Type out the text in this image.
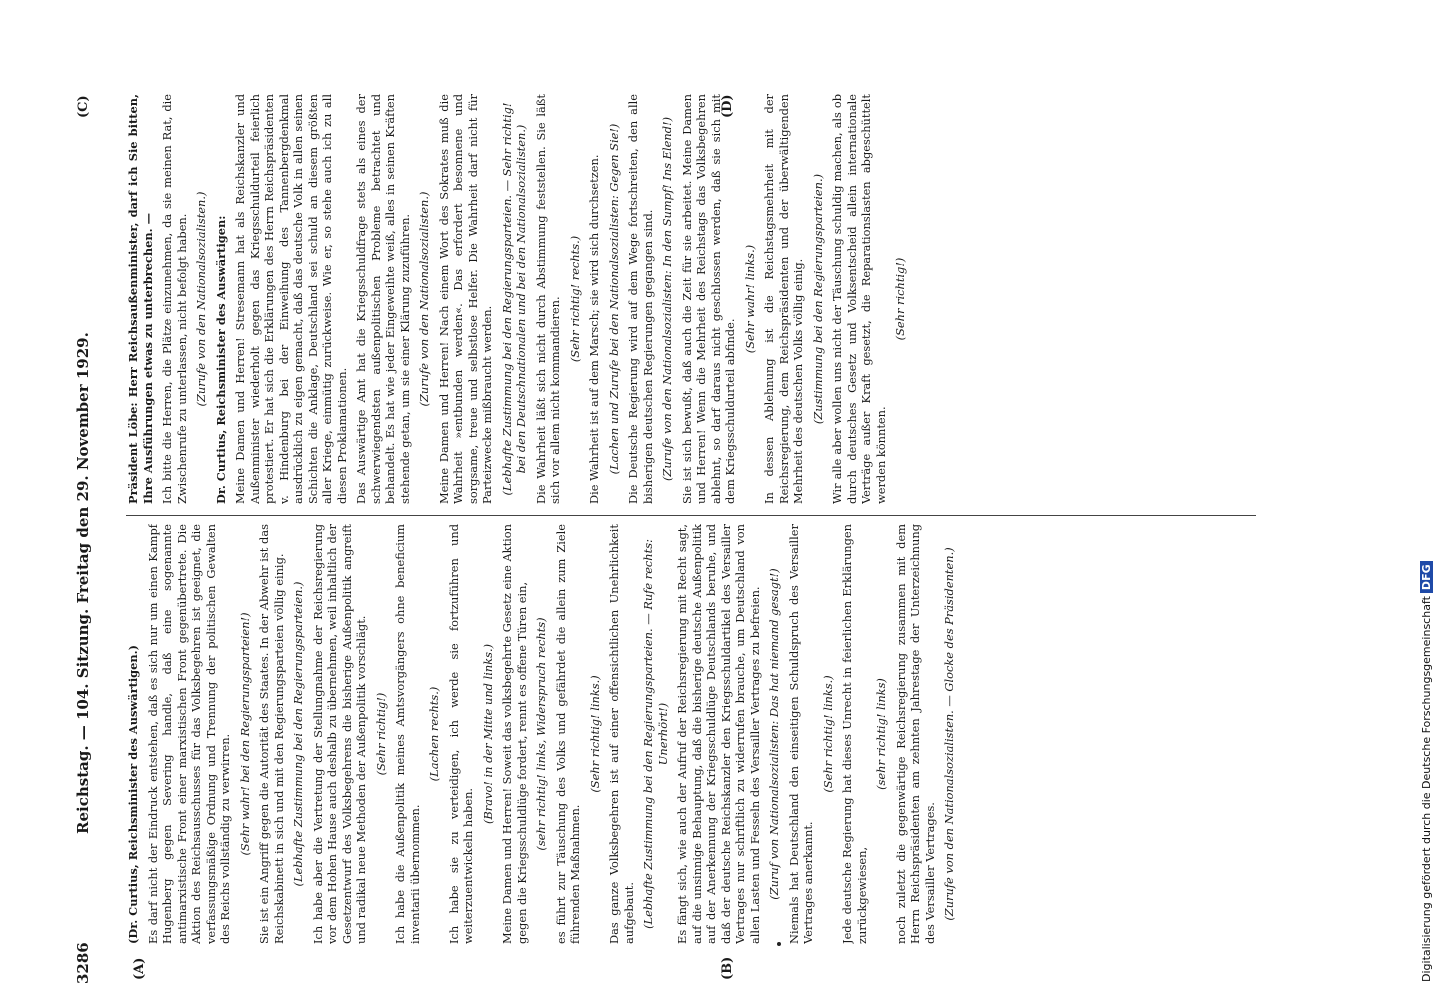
3286
Reichstag. — 104. Sitzung. Freitag den 29. November 1929.
(A)	(B)
(C)	(D)

(Dr. Curtius, Reichsminister des Auswärtigen.) Es darf nicht der Eindruck entstehen, daß es sich nur um einen Kampf Hugenberg gegen Severing handle, daß eine sogenannte antimarxistische Front einer marxistischen Front gegenübertrete. Die Aktion des Reichsausschusses für das Volksbegehren ist geeignet, die verfassungsmäßige Ordnung und Trennung der politischen Gewalten des Reichs vollständig zu verwirren. (Sehr wahr! bei den Regierungsparteien!) Sie ist ein Angriff gegen die Autorität des Staates. In der Abwehr ist das Reichskabinett in sich und mit den Regierungsparteien völlig einig. (Lebhafte Zustimmung bei den Regierungsparteien.) Ich habe aber die Vertretung der Stellungnahme der Reichsregierung vor dem Hohen Hause auch deshalb zu übernehmen, weil inhaltlich der Gesetzentwurf des Volksbegehrens die bisherige Außenpolitik angreift und radikal neue Methoden der Außenpolitik vorschlägt. (Sehr richtig!) Ich habe die Außenpolitik meines Amtsvorgängers ohne beneficium inventarii übernommen.

(Lachen rechts.) Ich habe sie zu verteidigen, ich werde sie fortzuführen und weiterzuentwickeln haben.

(Bravo! in der Mitte und links.) Meine Damen und Herren! Soweit das volksbegehrte Gesetz eine Aktion gegen die Kriegsschuldlüge fordert, rennt es offene Türen ein, (sehr richtig! links, Widerspruch rechts) es führt zur Täuschung des Volks und gefährdet die allein zum Ziele führenden Maßnahmen.

(Sehr richtig! links.) Das ganze Volksbegehren ist auf einer offensichtlichen Unehrlichkeit aufgebaut. (Lebhafte Zustimmung bei den Regierungsparteien. — Rufe rechts: Unerhört!) Es fängt sich, wie auch der Aufruf der Reichsregierung mit Recht sagt, auf die unsinnige Behauptung, daß die bisherige deutsche Außenpolitik auf der Anerkennung der Kriegsschuldlüge Deutschlands beruhe, und daß der deutsche Reichskanzler den Kriegsschuldartikel des Versailler Vertrages nur schriftlich zu widerrufen brauche, um Deutschland von allen Lasten und Fesseln des Versailler Vertrages zu befreien. (Zuruf von Nationalsozialisten: Das hat niemand gesagt!) Niemals hat Deutschland den einseitigen Schuldspruch des Versailler Vertrages anerkannt.

(Sehr richtig! links.) Jede deutsche Regierung hat dieses Unrecht in feierlichen Erklärungen zurückgewiesen,

(sehr richtig! links) noch zuletzt die gegenwärtige Reichsregierung zusammen mit dem Herrn Reichspräsidenten am zehnten Jahrestage der Unterzeichnung des Versailler Vertrages. (Zurufe von den Nationalsozialisten. — Glocke des Präsidenten.)

Präsident Löbe: Herr Reichsaußenminister, darf ich Sie bitten, Ihre Ausführungen etwas zu unterbrechen. — Ich bitte die Herren, die Plätze einzunehmen, da sie meinen Rat, die Zwischenrufe zu unterlassen, nicht befolgt haben. (Zurufe von den Nationalsozialisten.) Dr. Curtius, Reichsminister des Auswärtigen: Meine Damen und Herren! Stresemann hat als Reichskanzler und Außenminister wiederholt gegen das Kriegsschuldurteil feierlich protestiert. Er hat sich die Erklärungen des Herrn Reichspräsidenten v. Hindenburg bei der Einweihung des Tannenbergdenkmal ausdrücklich zu eigen gemacht, daß das deutsche Volk in allen seinen Schichten die Anklage, Deutschland sei schuld an diesem größten aller Kriege, einmütig zurückweise. Wie er, so stehe auch ich zu all diesen Proklamationen. Das Auswärtige Amt hat die Kriegsschuldfrage stets als eines der schwerwiegendsten außenpolitischen Probleme betrachtet und behandelt. Es hat wie jeder Eingeweihte weiß, alles in seinen Kräften stehende getan, um sie einer Klärung zuzuführen. (Zurufe von den Nationalsozialisten.) Meine Damen und Herren! Nach einem Wort des Sokrates muß die Wahrheit »entbunden werden«. Das erfordert besonnene und sorgsame, treue und selbstlose Helfer. Die Wahrheit darf nicht für Parteizwecke mißbraucht werden. (Lebhafte Zustimmung bei den Regierungsparteien. — Sehr richtig! bei den Deutschnationalen und bei den Nationalsozialisten.) Die Wahrheit läßt sich nicht durch Abstimmung feststellen. Sie läßt sich vor allem nicht kommandieren. (Sehr richtig! rechts.) Die Wahrheit ist auf dem Marsch; sie wird sich durchsetzen. (Lachen und Zurufe bei den Nationalsozialisten: Gegen Sie!) Die Deutsche Regierung wird auf dem Wege fortschreiten, den alle bisherigen deutschen Regierungen gegangen sind. (Zurufe von den Nationalsozialisten: In den Sumpf! Ins Elend!) Sie ist sich bewußt, daß auch die Zeit für sie arbeitet. Meine Damen und Herren! Wenn die Mehrheit des Reichstags das Volksbegehren ablehnt, so darf daraus nicht geschlossen werden, daß sie sich mit dem Kriegsschuldurteil abfinde.

(Sehr wahr! links.) In dessen Ablehnung ist die Reichstagsmehrheit mit der Reichsregierung, dem Reichspräsidenten und der überwältigenden Mehrheit des deutschen Volks völlig einig. (Zustimmung bei den Regierungsparteien.) Wir alle aber wollen uns nicht der Täuschung schuldig machen, als ob durch deutsches Gesetz und Volksentscheid allein internationale Verträge außer Kraft gesetzt, die Reparationslasten abgeschüttelt werden könnten.

(Sehr richtig!)

Digitalisierung gefördert durch die Deutsche ForschungsgemeinschaftDFG
